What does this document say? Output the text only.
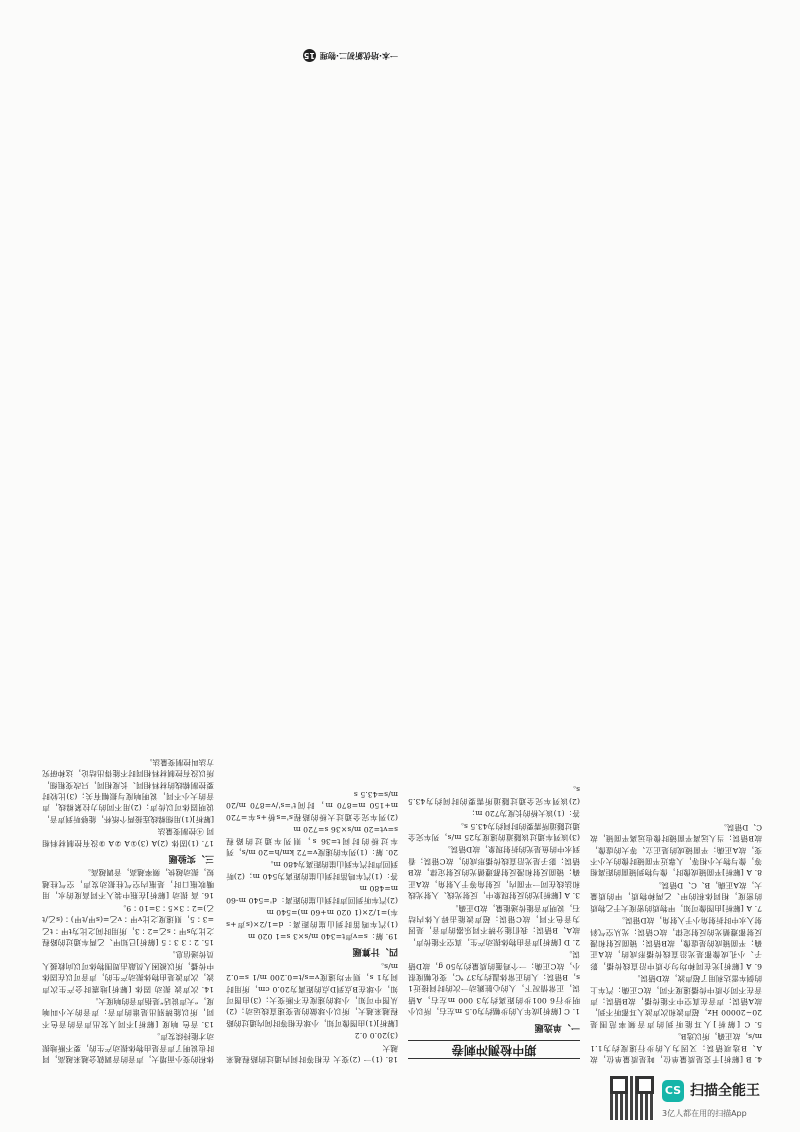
4. B [解析]千克是质量单位，吨是质量单位，故A、B选项错误；又因为人的步行速度约为1.1 m/s，故正确，所以选B。

5. C [解析]人耳能听到的声音频率范围是20~20000 Hz，超声波和次声波人耳都听不到，故A错误；声音在真空中不能传播，故B错误；声音在不同介质中传播速度不同，故C正确；汽车上的倒车雷达利用了超声波，故D错误。

6. A [解析]光在同种均匀介质中沿直线传播，影子、小孔成像都是光沿直线传播形成的，故A正确；平面镜成的是虚像，故B错误；镜面反射和漫反射都遵循光的反射定律，故C错误；光从空气斜射入水中时折射角小于入射角，故D错误。

7. A [解析]由图像可知，甲物质的密度大于乙物质的密度，相同体积的甲、乙两种物质，甲的质量大，故A正确，B、C、D错误。

8. A [解析]平面镜成像时，像与物到镜面的距离相等，像与物大小相等，人靠近平面镜时像的大小不变，故A正确；平面镜成的是正立、等大的虚像，故B错误；当人远离平面镜时像也远离平面镜，故C、D错误。

期中检测冲刺卷
一、单选题

1. C [解析]成年人的步幅约为0.5 m左右，所以小明步行6 001步的距离约为3 000 m左右，A错误，正常情况下，人的心脏跳动一次的时间接近1 s，B错误；人的正常体温约为37 ℃，变化幅度很小，故C正确；一个鸡蛋的质量约为50 g，故D错误。

2. D [解析]声音由物体振动产生，真空不能传声，故A、B错误；我们能分辨不同乐器的声音，是因为音色不同，故C错误；超声波能击碎人体内结石，说明声音能传递能量，故D正确。

3. A [解析]光的反射现象中，反射光线、入射光线和法线在同一平面内，反射角等于入射角，故A正确；镜面反射和漫反射都遵循光的反射定律，故B错误；影子是光沿直线传播形成的，故C错误；看到水中的鱼是光的折射现象，故D错误。

(3)该列车通过该隧道的速度为25 m/s，列车完全通过隧道所需要的时间约为43.5 s。

答：(1)该大桥的长度为720 m；

(2)该列车完全通过隧道所需要的时间约为43.5 s。

18. (1)一 (2)变大 在相等时间内通过的路程越来越大

(3)20.0 0.2

[解析](1)由图像可知，小球在相等时间内通过的路程越来越大，所以小球做的是变速直线运动；(2)从图中可知，小球的速度在不断变大；(3)由图可知，小球在B点到D点的距离为20.0 cm，所用时间为1 s，则平均速度v=s/t=0.200 m/1 s=0.2 m/s。

四、计算题

19. 解：s=v声t=340 m/s×3 s=1 020 m

(1)汽车鸣笛时到山崖的距离：d=1/2×(s声+s车)=1/2×(1 020 m+60 m)=540 m

(2)汽车听到回声时到山崖的距离：d'=540 m-60 m=480 m

答：(1)汽车鸣笛时到山崖的距离为540 m；(2)听到回声时汽车到山崖的距离为480 m。

20. 解：(1)列车的速度v=72 km/h=20 m/s，列车过桥的时间t=36 s，则列车通过的路程s=vt=20 m/s×36 s=720 m

(2)列车完全通过大桥的路程s'=s桥+s车=720 m+150 m=870 m，时间t'=s'/v=870 m/20 m/s=43.5 s

体积的变小而增大，声音的音调就会越来越高，同时也说明了声音是由物体振动产生的，要不断地振动才能持续发声。

13. 音色 响度 [解析]不同人发出声音的音色不同，所以能辨别出是谁的声音；声音的大小叫响度，“大声说话”是指声音的响度大。

14. 次声波 振动 固体 [解析]地震时会产生次声波，次声波是由物体振动产生的，声音可以在固体中传播，所以被困人员敲击周围物体可以向救援人员传递信息。

15. 2∶3 3∶5 [解析]已知甲、乙两车通过的路程之比为s甲∶s乙=2∶3，所用时间之比为t甲∶t乙=3∶5，则速度之比v甲∶v乙=(s甲/t甲)∶(s乙/t乙)=2∶3×5∶3=10∶9。

16. 高 振动 [解析]在瓶中装入不同高度的水，用嘴吹瓶口时，是瓶内空气柱振动发声，空气柱越短，振动越快，频率越高，音调越高。

三、实验题

17. (1)固体 (2)A (3)①A ②A ③没有控制材料相同 ④控制变量法

[解析](1)用细棉线连接两个纸杯，能够听到声音，说明固体可以传声；(2)用不同的力拉紧棉线，声音的大小不同，说明响度与振幅有关；(3)比较时要控制棉线的材料相同、长度相同，只改变粗细，所以没有控制材料相同时不能得出结论，这种研究方法叫控制变量法。

一本·培优新初二·物理15
CS 扫描全能王
3亿人都在用的扫描App
